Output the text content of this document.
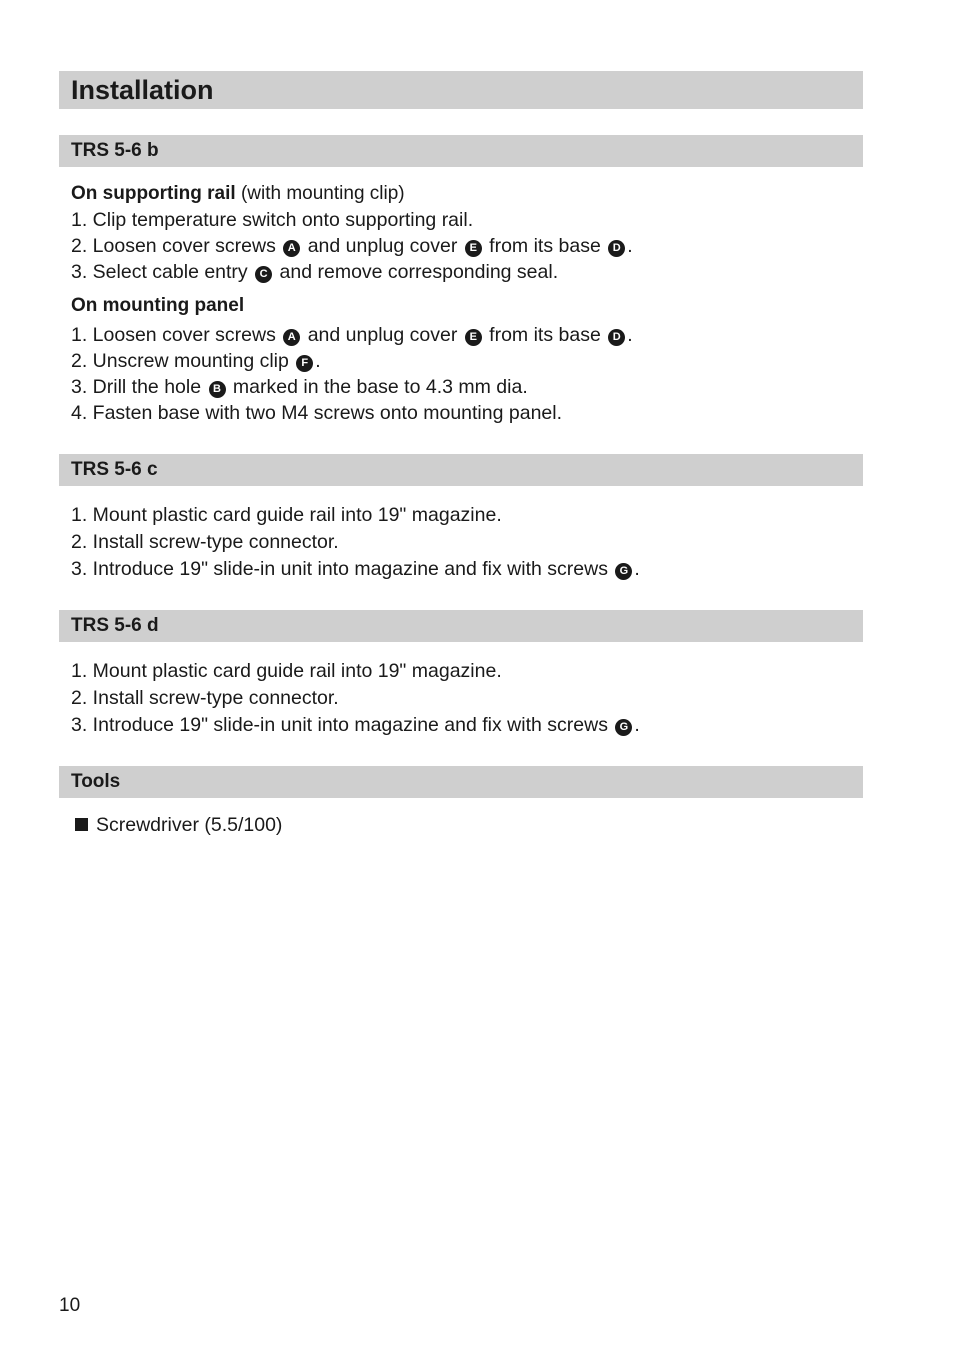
Installation
TRS 5-6 b
On supporting rail (with mounting clip)
1. Clip temperature switch onto supporting rail.
2. Loosen cover screws A and unplug cover E from its base D .
3. Select cable entry C and remove corresponding seal.
On mounting panel
1. Loosen cover screws A and unplug cover E from its base D .
2. Unscrew mounting clip F .
3. Drill the hole B marked in the base to 4.3 mm dia.
4. Fasten base with two M4 screws onto mounting panel.
TRS 5-6 c
1. Mount plastic card guide rail into 19" magazine.
2. Install screw-type connector.
3. Introduce 19" slide-in unit into magazine and fix with screws G .
TRS 5-6 d
1. Mount plastic card guide rail into 19" magazine.
2. Install screw-type connector.
3. Introduce 19" slide-in unit into magazine and fix with screws G .
Tools
Screwdriver (5.5/100)
10
